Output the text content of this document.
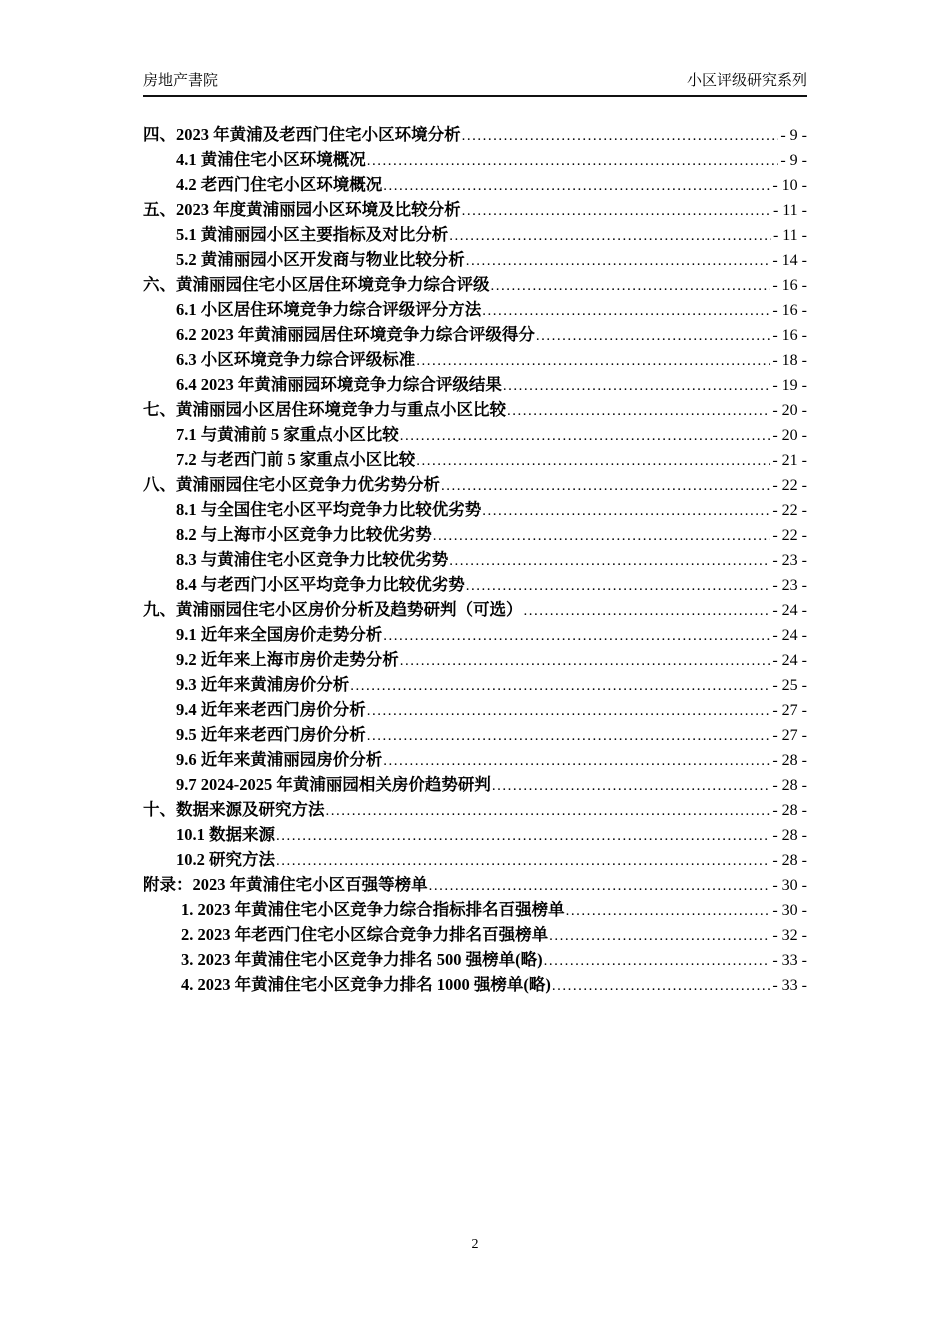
房地产書院	小区评级研究系列
四、2023 年黄浦及老西门住宅小区环境分析 .....	- 9 -
4.1 黄浦住宅小区环境概况 .....	- 9 -
4.2 老西门住宅小区环境概况 .....	- 10 -
五、2023 年度黄浦丽园小区环境及比较分析 .....	- 11 -
5.1 黄浦丽园小区主要指标及对比分析 .....	- 11 -
5.2 黄浦丽园小区开发商与物业比较分析 .....	- 14 -
六、黄浦丽园住宅小区居住环境竞争力综合评级 .....	- 16 -
6.1 小区居住环境竞争力综合评级评分方法 .....	- 16 -
6.2 2023 年黄浦丽园居住环境竞争力综合评级得分 .....	- 16 -
6.3 小区环境竞争力综合评级标准 .....	- 18 -
6.4 2023 年黄浦丽园环境竞争力综合评级结果 .....	- 19 -
七、黄浦丽园小区居住环境竞争力与重点小区比较 .....	- 20 -
7.1 与黄浦前 5 家重点小区比较 .....	- 20 -
7.2 与老西门前 5 家重点小区比较 .....	- 21 -
八、黄浦丽园住宅小区竞争力优劣势分析 .....	- 22 -
8.1 与全国住宅小区平均竞争力比较优劣势 .....	- 22 -
8.2 与上海市小区竞争力比较优劣势 .....	- 22 -
8.3 与黄浦住宅小区竞争力比较优劣势 .....	- 23 -
8.4 与老西门小区平均竞争力比较优劣势 .....	- 23 -
九、黄浦丽园住宅小区房价分析及趋势研判（可选） .....	- 24 -
9.1 近年来全国房价走势分析 .....	- 24 -
9.2 近年来上海市房价走势分析 .....	- 24 -
9.3 近年来黄浦房价分析 .....	- 25 -
9.4 近年来老西门房价分析 .....	- 27 -
9.5 近年来老西门房价分析 .....	- 27 -
9.6 近年来黄浦丽园房价分析 .....	- 28 -
9.7 2024-2025 年黄浦丽园相关房价趋势研判 .....	- 28 -
十、数据来源及研究方法 .....	- 28 -
10.1 数据来源 .....	- 28 -
10.2 研究方法 .....	- 28 -
附录：2023 年黄浦住宅小区百强等榜单 .....	- 30 -
1. 2023 年黄浦住宅小区竞争力综合指标排名百强榜单 .....	- 30 -
2. 2023 年老西门住宅小区综合竞争力排名百强榜单 .....	- 32 -
3. 2023 年黄浦住宅小区竞争力排名 500 强榜单(略) .....	- 33 -
4. 2023 年黄浦住宅小区竞争力排名 1000 强榜单(略) .....	- 33 -
2
